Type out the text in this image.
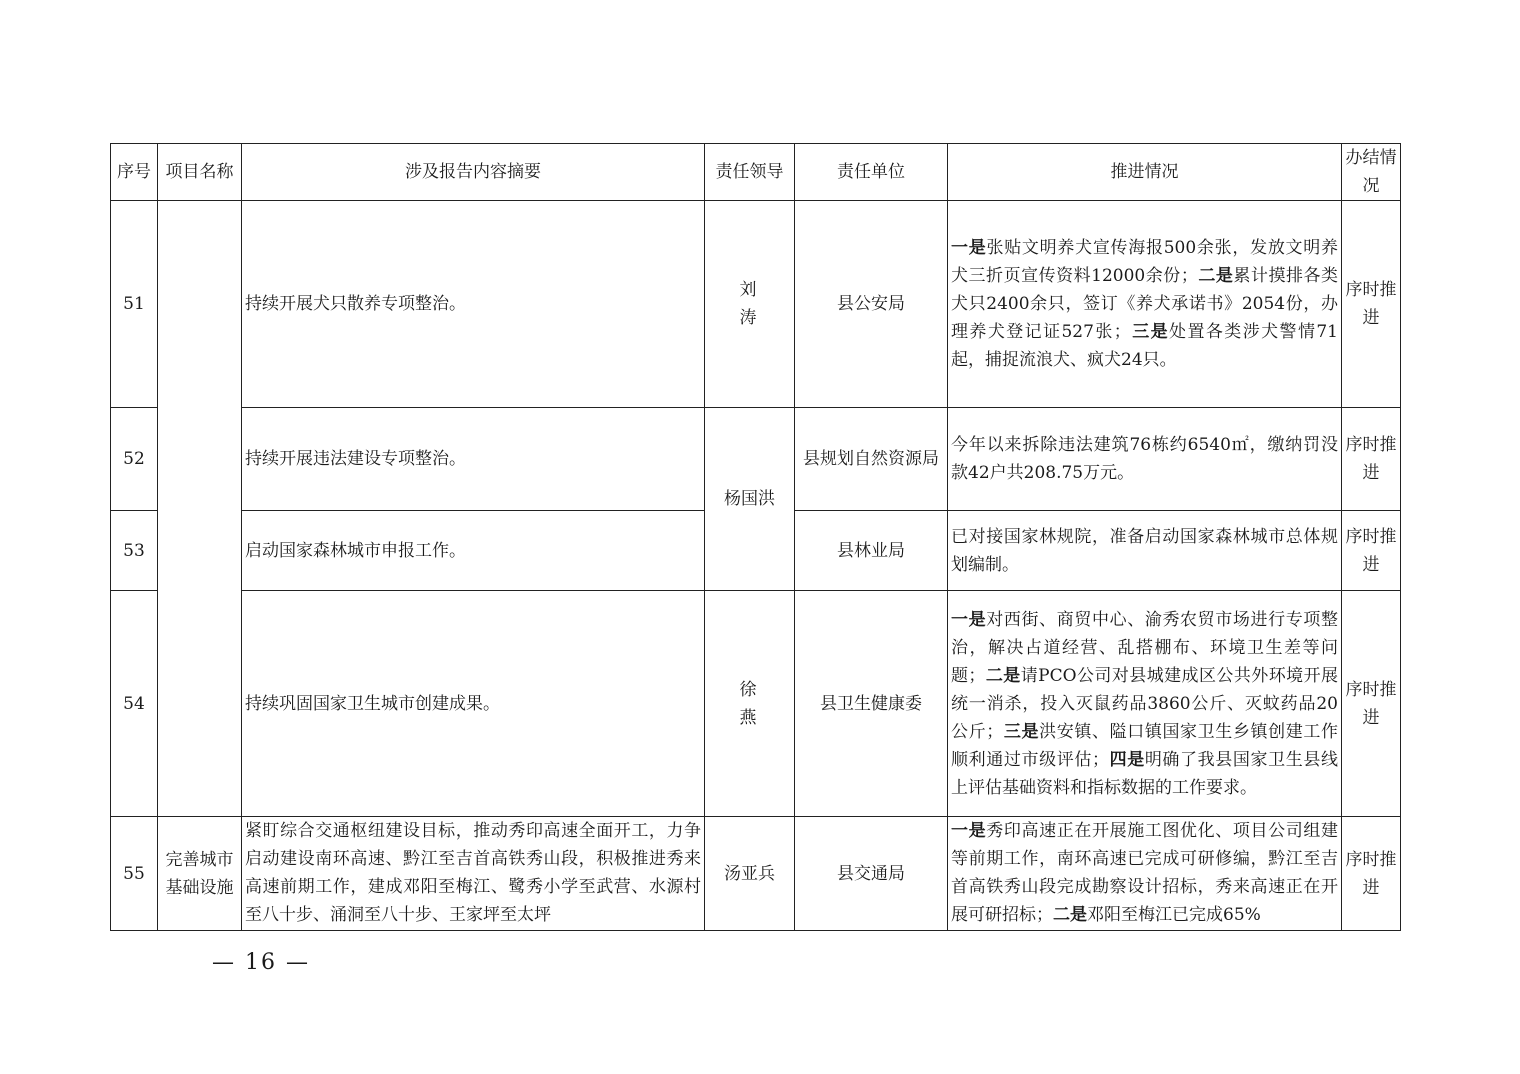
序号	项目名称	涉及报告内容摘要	责任领导	责任单位	推进情况	办结情况
51		持续开展犬只散养专项整治。	刘 涛	县公安局	一是张贴文明养犬宣传海报500余张，发放文明养犬三折页宣传资料12000余份；二是累计摸排各类犬只2400余只，签订《养犬承诺书》2054份，办理养犬登记证527张；三是处置各类涉犬警情71起，捕捉流浪犬、疯犬24只。	序时推进
52		持续开展违法建设专项整治。	杨国洪	县规划自然资源局	今年以来拆除违法建筑76栋约6540㎡，缴纳罚没款42户共208.75万元。	序时推进
53		启动国家森林城市申报工作。		县林业局	已对接国家林规院，准备启动国家森林城市总体规划编制。	序时推进
54		持续巩固国家卫生城市创建成果。	徐 燕	县卫生健康委	一是对西街、商贸中心、渝秀农贸市场进行专项整治，解决占道经营、乱搭棚布、环境卫生差等问题；二是请PCO公司对县城建成区公共外环境开展统一消杀，投入灭鼠药品3860公斤、灭蚊药品20公斤；三是洪安镇、隘口镇国家卫生乡镇创建工作顺利通过市级评估；四是明确了我县国家卫生县线上评估基础资料和指标数据的工作要求。	序时推进
55	完善城市基础设施	紧盯综合交通枢纽建设目标，推动秀印高速全面开工，力争启动建设南环高速、黔江至吉首高铁秀山段，积极推进秀来高速前期工作，建成邓阳至梅江、鹭秀小学至武营、水源村至八十步、涌洞至八十步、王家坪至太坪	汤亚兵	县交通局	一是秀印高速正在开展施工图优化、项目公司组建等前期工作，南环高速已完成可研修编，黔江至吉首高铁秀山段完成勘察设计招标，秀来高速正在开展可研招标；二是邓阳至梅江已完成65%	序时推进
— 16 —
